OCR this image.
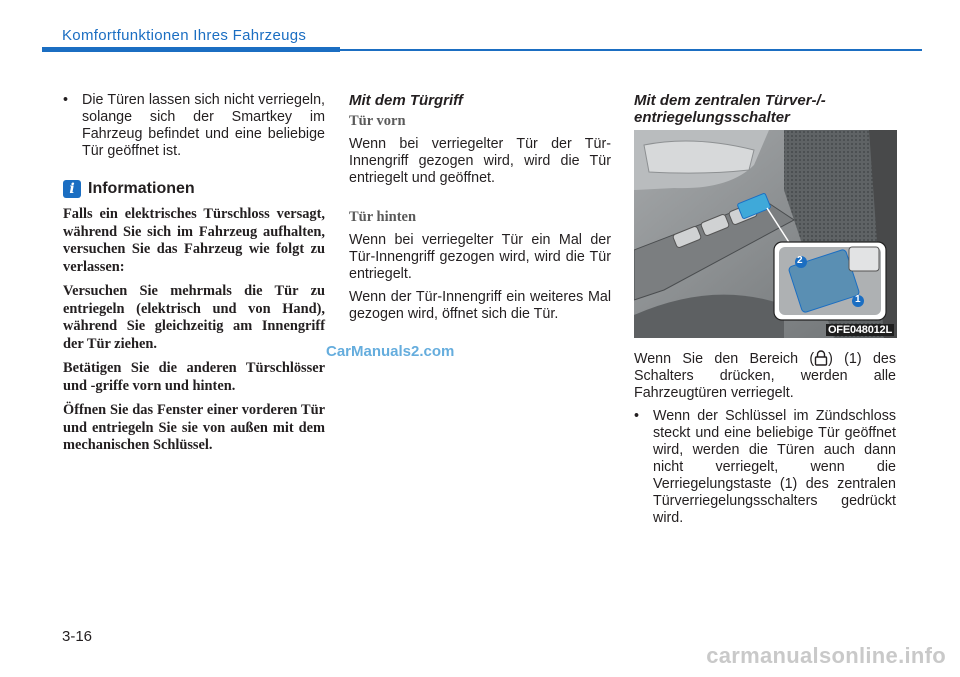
Komfortfunktionen Ihres Fahrzeugs

• Die Türen lassen sich nicht verriegeln, solange sich der Smartkey im Fahrzeug befindet und eine beliebige Tür geöffnet ist.

i Informationen

Falls ein elektrisches Türschloss versagt, während Sie sich im Fahrzeug aufhalten, versuchen Sie das Fahrzeug wie folgt zu verlassen:

Versuchen Sie mehrmals die Tür zu entriegeln (elektrisch und von Hand), während Sie gleichzeitig am Innengriff der Tür ziehen.

Betätigen Sie die anderen Türschlösser und -griffe vorn und hinten.

Öffnen Sie das Fenster einer vorderen Tür und entriegeln Sie sie von außen mit dem mechanischen Schlüssel.

Mit dem Türgriff

Tür vorn

Wenn bei verriegelter Tür der Tür-Innengriff gezogen wird, wird die Tür entriegelt und geöffnet.

Tür hinten

Wenn bei verriegelter Tür ein Mal der Tür-Innengriff gezogen wird, wird die Tür entriegelt.

Wenn der Tür-Innengriff ein weiteres Mal gezogen wird, öffnet sich die Tür.

Mit dem zentralen Türver-/-entriegelungsschalter

2
1
OFE048012L

Wenn Sie den Bereich ( ) (1) des Schalters drücken, werden alle Fahrzeugtüren verriegelt.

• Wenn der Schlüssel im Zündschloss steckt und eine beliebige Tür geöffnet wird, werden die Türen auch dann nicht verriegelt, wenn die Verriegelungstaste (1) des zentralen Türverriegelungsschalters gedrückt wird.

CarManuals2.com
3-16
carmanualsonline.info
